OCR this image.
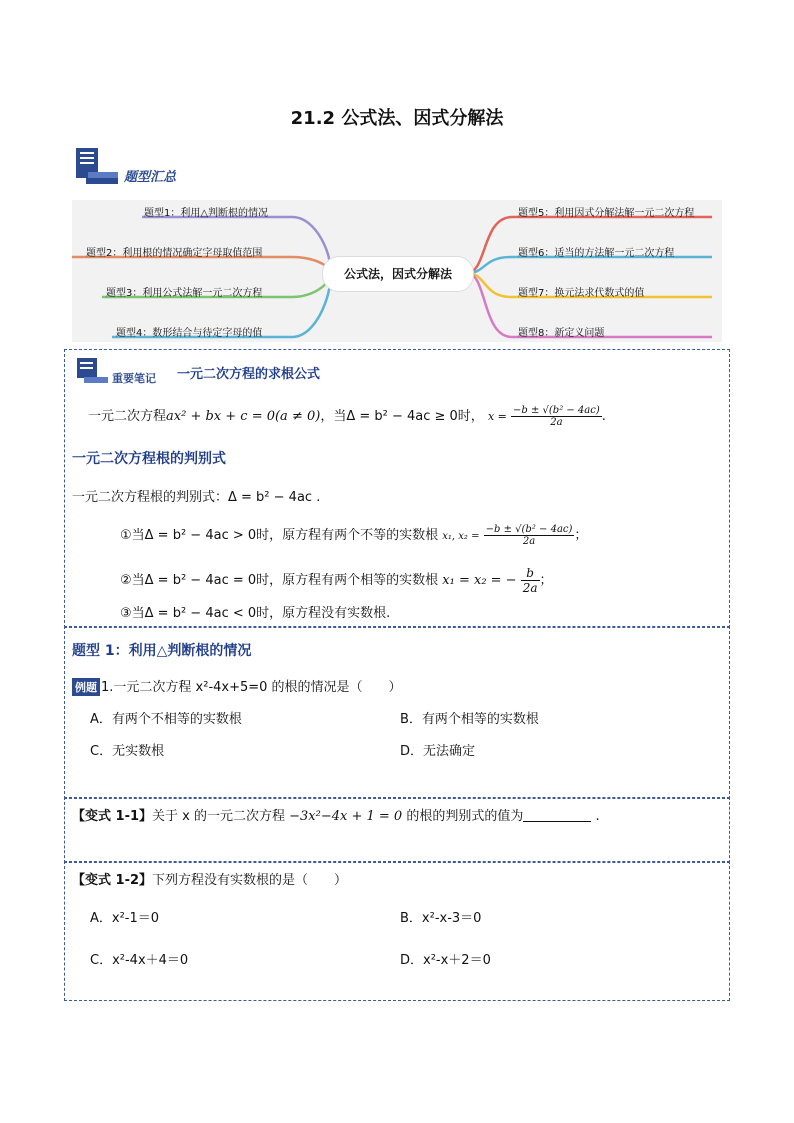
21.2 公式法、因式分解法
题型汇总
公式法，因式分解法
题型1：利用△判断根的情况
题型2：利用根的情况确定字母取值范围
题型3：利用公式法解一元二次方程
题型4：数形结合与待定字母的值
题型5：利用因式分解法解一元二次方程
题型6：适当的方法解一元二次方程
题型7：换元法求代数式的值
题型8：新定义问题
重要笔记 一元二次方程的求根公式
一元二次方程ax² + bx + c = 0(a ≠ 0)，当Δ = b² − 4ac ≥ 0时， $x = \frac{\text{−b ± √(b² − 4ac)}}{2a}$ .
一元二次方程根的判别式
一元二次方程根的判别式：Δ = b² − 4ac .
①当Δ = b² − 4ac > 0时，原方程有两个不等的实数根 x₁, $x_2 = \frac{\text{−b ± √(b² − 4ac)}}{2a}$ ；
②当Δ = b² − 4ac = 0时，原方程有两个相等的实数根 x₁ = x₂ = − $\frac{b}{2a}$ ；
③当Δ = b² − 4ac < 0时，原方程没有实数根.
题型 1：利用△判断根的情况
例题 1.一元二次方程 x²-4x+5=0 的根的情况是（　　）
A．有两个不相等的实数根	B．有两个相等的实数根
C．无实数根	D．无法确定
【变式 1-1】关于 x 的一元二次方程 −3x²−4x + 1 = 0 的根的判别式的值为	.
【变式 1-2】下列方程没有实数根的是（　　）
A．x²-1＝0	B．x²-x-3＝0
C．x²-4x＋4＝0	D．x²-x＋2＝0
